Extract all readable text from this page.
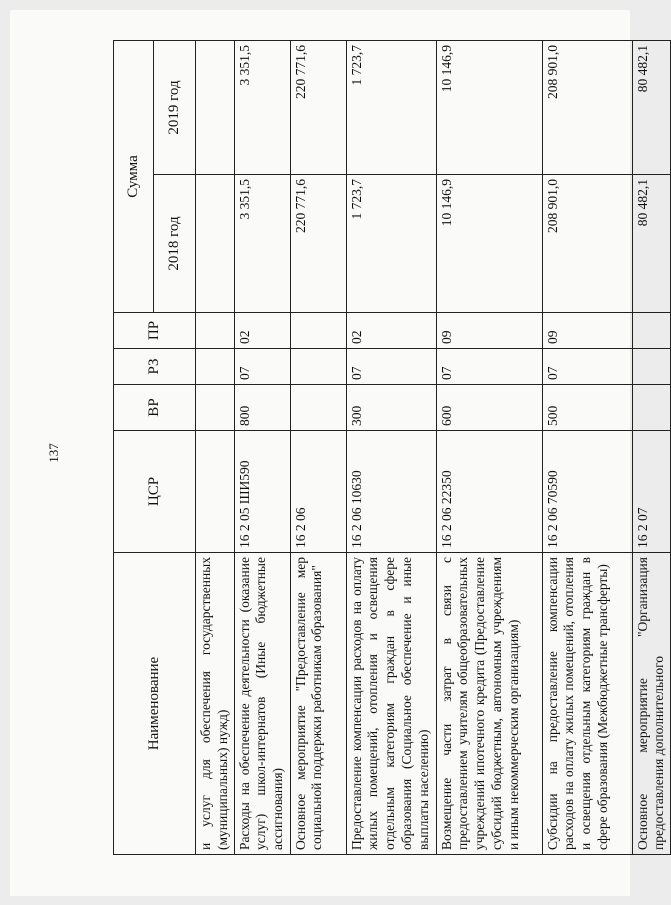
137
Наименование	ЦСР	ВР	РЗ	ПР	Сумма	
					2018 год	2019 год
и услуг для обеспечения государственных (муниципальных) нужд)						
Расходы на обеспечение деятельности (оказание услуг) школ-интернатов (Иные бюджетные ассигнования)	16 2 05 ШИ590	800	07	02	3 351,5	3 351,5
Основное мероприятие "Предоставление мер социальной поддержки работникам образования"	16 2 06				220 771,6	220 771,6
Предоставление компенсации расходов на оплату жилых помещений, отопления и освещения отдельным категориям граждан в сфере образования (Социальное обеспечение и иные выплаты населению)	16 2 06 10630	300	07	02	1 723,7	1 723,7
Возмещение части затрат в связи с предоставлением учителям общеобразовательных учреждений ипотечного кредита (Предоставление субсидий бюджетным, автономным учреждениям и иным некоммерческим организациям)	16 2 06 22350	600	07	09	10 146,9	10 146,9
Субсидии на предоставление компенсации расходов на оплату жилых помещений, отопления и освещения отдельным категориям граждан в сфере образования (Межбюджетные трансферты)	16 2 06 70590	500	07	09	208 901,0	208 901,0
Основное мероприятие "Организация предоставления дополнительного	16 2 07				80 482,1	80 482,1
